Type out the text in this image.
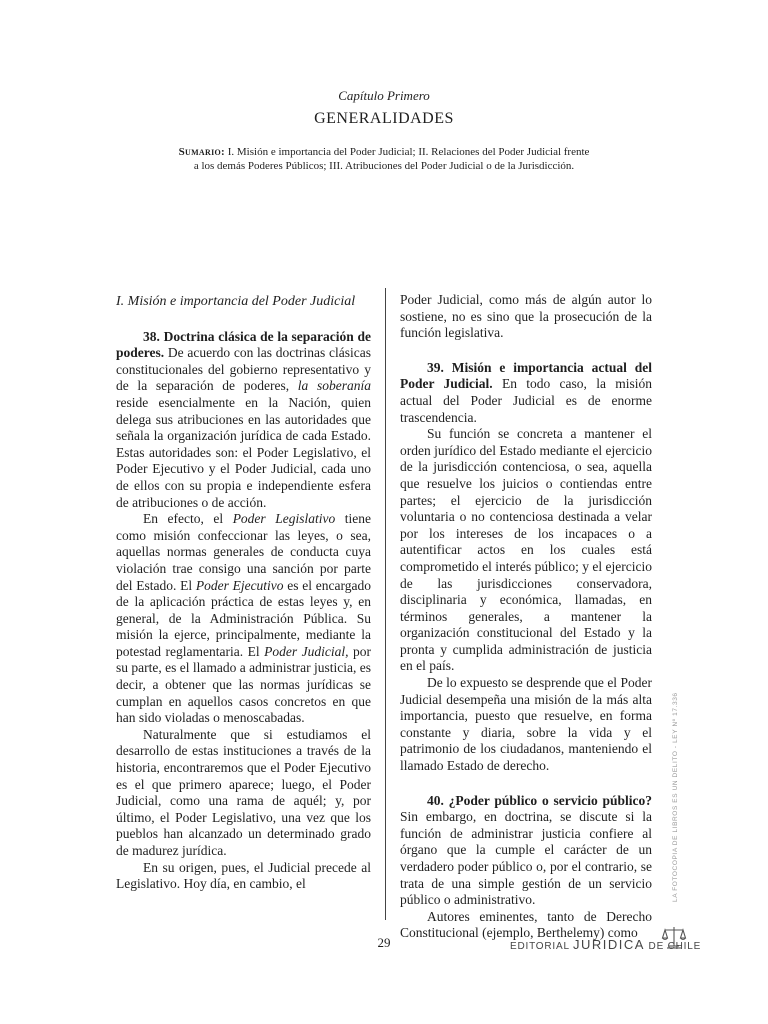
Capítulo Primero
GENERALIDADES
Sumario: I. Misión e importancia del Poder Judicial; II. Relaciones del Poder Judicial frente a los demás Poderes Públicos; III. Atribuciones del Poder Judicial o de la Jurisdicción.
I. Misión e importancia del Poder Judicial

38. Doctrina clásica de la separación de poderes. De acuerdo con las doctrinas clásicas constitucionales del gobierno representativo y de la separación de poderes, la soberanía reside esencialmente en la Nación, quien delega sus atribuciones en las autoridades que señala la organización jurídica de cada Estado. Estas autoridades son: el Poder Legislativo, el Poder Ejecutivo y el Poder Judicial, cada uno de ellos con su propia e independiente esfera de atribuciones o de acción.

En efecto, el Poder Legislativo tiene como misión confeccionar las leyes, o sea, aquellas normas generales de conducta cuya violación trae consigo una sanción por parte del Estado. El Poder Ejecutivo es el encargado de la aplicación práctica de estas leyes y, en general, de la Administración Pública. Su misión la ejerce, principalmente, mediante la potestad reglamentaria. El Poder Judicial, por su parte, es el llamado a administrar justicia, es decir, a obtener que las normas jurídicas se cumplan en aquellos casos concretos en que han sido violadas o menoscabadas.

Naturalmente que si estudiamos el desarrollo de estas instituciones a través de la historia, encontraremos que el Poder Ejecutivo es el que primero aparece; luego, el Poder Judicial, como una rama de aquél; y, por último, el Poder Legislativo, una vez que los pueblos han alcanzado un determinado grado de madurez jurídica.

En su origen, pues, el Judicial precede al Legislativo. Hoy día, en cambio, el

Poder Judicial, como más de algún autor lo sostiene, no es sino que la prosecución de la función legislativa.

39. Misión e importancia actual del Poder Judicial. En todo caso, la misión actual del Poder Judicial es de enorme trascendencia.

Su función se concreta a mantener el orden jurídico del Estado mediante el ejercicio de la jurisdicción contenciosa, o sea, aquella que resuelve los juicios o contiendas entre partes; el ejercicio de la jurisdicción voluntaria o no contenciosa destinada a velar por los intereses de los incapaces o a autentificar actos en los cuales está comprometido el interés público; y el ejercicio de las jurisdicciones conservadora, disciplinaria y económica, llamadas, en términos generales, a mantener la organización constitucional del Estado y la pronta y cumplida administración de justicia en el país.

De lo expuesto se desprende que el Poder Judicial desempeña una misión de la más alta importancia, puesto que resuelve, en forma constante y diaria, sobre la vida y el patrimonio de los ciudadanos, manteniendo el llamado Estado de derecho.

40. ¿Poder público o servicio público? Sin embargo, en doctrina, se discute si la función de administrar justicia confiere al órgano que la cumple el carácter de un verdadero poder público o, por el contrario, se trata de una simple gestión de un servicio público o administrativo.

Autores eminentes, tanto de Derecho Constitucional (ejemplo, Berthelemy) como

29	EDITORIAL JURIDICA DE CHILE
LA FOTOCOPIA DE LIBROS ES UN DELITO - LEY Nº 17.336
